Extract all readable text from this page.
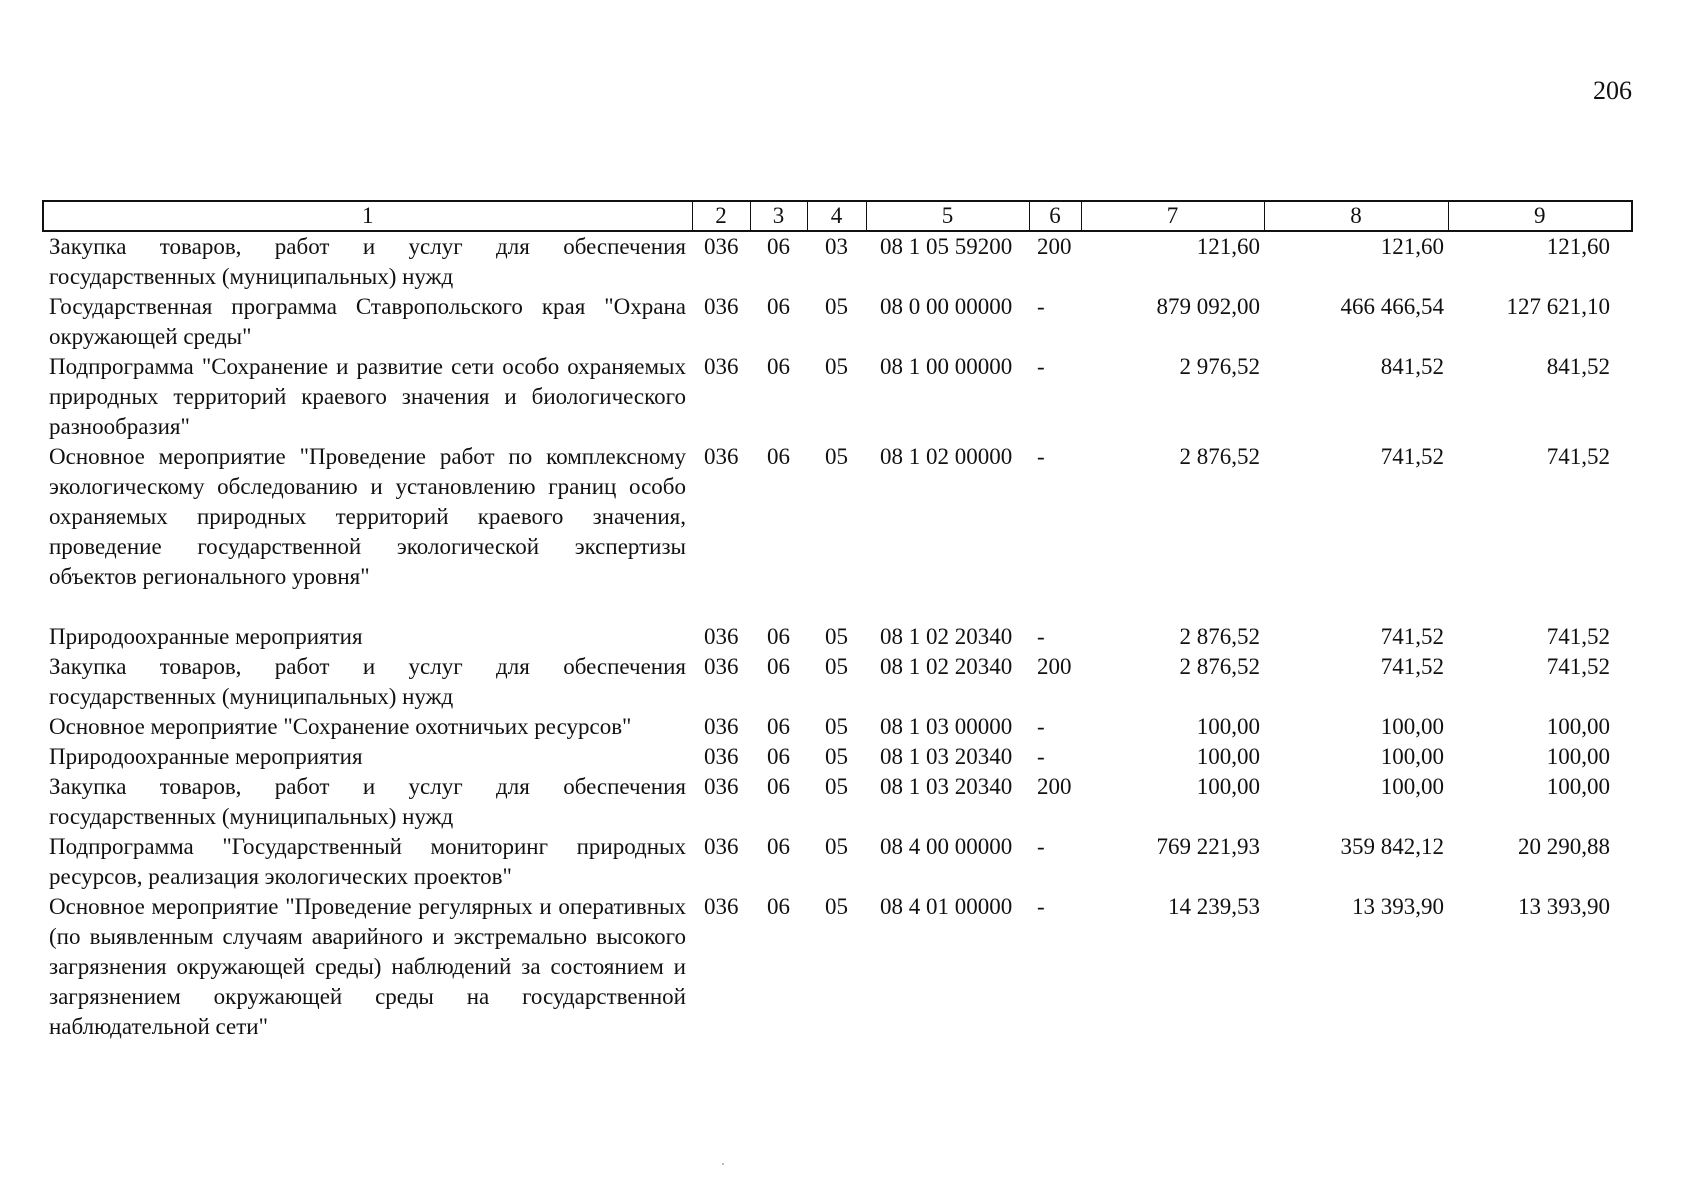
206
1	2	3	4	5	6	7	8	9
Закупка товаров, работ и услуг для обеспечения государственных (муниципальных) нужд	036	06	03	08 1 05 59200	200	121,60	121,60	121,60
Государственная программа Ставропольского края "Охрана окружающей среды"	036	06	05	08 0 00 00000	-	879 092,00	466 466,54	127 621,10
Подпрограмма "Сохранение и развитие сети особо охраняемых природных территорий краевого значения и биологического разнообразия"	036	06	05	08 1 00 00000	-	2 976,52	841,52	841,52
Основное мероприятие "Проведение работ по комплексному экологическому обследованию и установлению границ особо охраняемых природных территорий краевого значения, проведение государственной экологической экспертизы объектов регионального уровня"	036	06	05	08 1 02 00000	-	2 876,52	741,52	741,52

Природоохранные мероприятия	036	06	05	08 1 02 20340	-	2 876,52	741,52	741,52
Закупка товаров, работ и услуг для обеспечения государственных (муниципальных) нужд	036	06	05	08 1 02 20340	200	2 876,52	741,52	741,52
Основное мероприятие "Сохранение охотничьих ресурсов"	036	06	05	08 1 03 00000	-	100,00	100,00	100,00
Природоохранные мероприятия	036	06	05	08 1 03 20340	-	100,00	100,00	100,00
Закупка товаров, работ и услуг для обеспечения государственных (муниципальных) нужд	036	06	05	08 1 03 20340	200	100,00	100,00	100,00
Подпрограмма "Государственный мониторинг природных ресурсов, реализация экологических проектов"	036	06	05	08 4 00 00000	-	769 221,93	359 842,12	20 290,88
Основное мероприятие "Проведение регулярных и оперативных (по выявленным случаям аварийного и экстремально высокого загрязнения окружающей среды) наблюдений за состоянием и загрязнением окружающей среды на государственной наблюдательной сети"	036	06	05	08 4 01 00000	-	14 239,53	13 393,90	13 393,90
